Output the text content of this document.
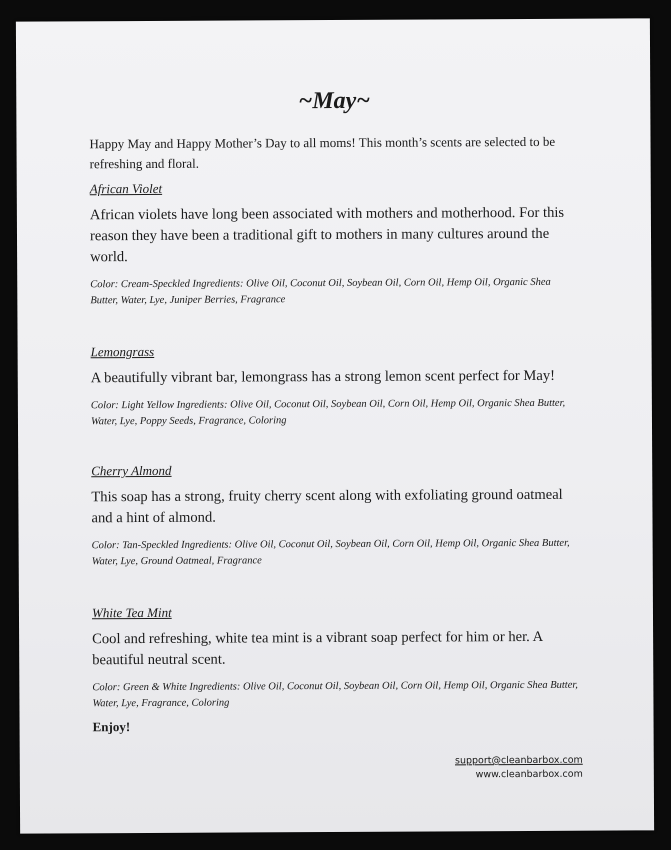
~May~

Happy May and Happy Mother’s Day to all moms! This month’s scents are selected to be refreshing and floral.

African Violet

African violets have long been associated with mothers and motherhood. For this reason they have been a traditional gift to mothers in many cultures around the world.

Color: Cream-Speckled Ingredients: Olive Oil, Coconut Oil, Soybean Oil, Corn Oil, Hemp Oil, Organic Shea Butter, Water, Lye, Juniper Berries, Fragrance

Lemongrass

A beautifully vibrant bar, lemongrass has a strong lemon scent perfect for May!

Color: Light Yellow Ingredients: Olive Oil, Coconut Oil, Soybean Oil, Corn Oil, Hemp Oil, Organic Shea Butter, Water, Lye, Poppy Seeds, Fragrance, Coloring

Cherry Almond

This soap has a strong, fruity cherry scent along with exfoliating ground oatmeal and a hint of almond.

Color: Tan-Speckled Ingredients: Olive Oil, Coconut Oil, Soybean Oil, Corn Oil, Hemp Oil, Organic Shea Butter, Water, Lye, Ground Oatmeal, Fragrance

White Tea Mint

Cool and refreshing, white tea mint is a vibrant soap perfect for him or her. A beautiful neutral scent.

Color: Green & White Ingredients: Olive Oil, Coconut Oil, Soybean Oil, Corn Oil, Hemp Oil, Organic Shea Butter, Water, Lye, Fragrance, Coloring

Enjoy!

support@cleanbarbox.com
www.cleanbarbox.com
